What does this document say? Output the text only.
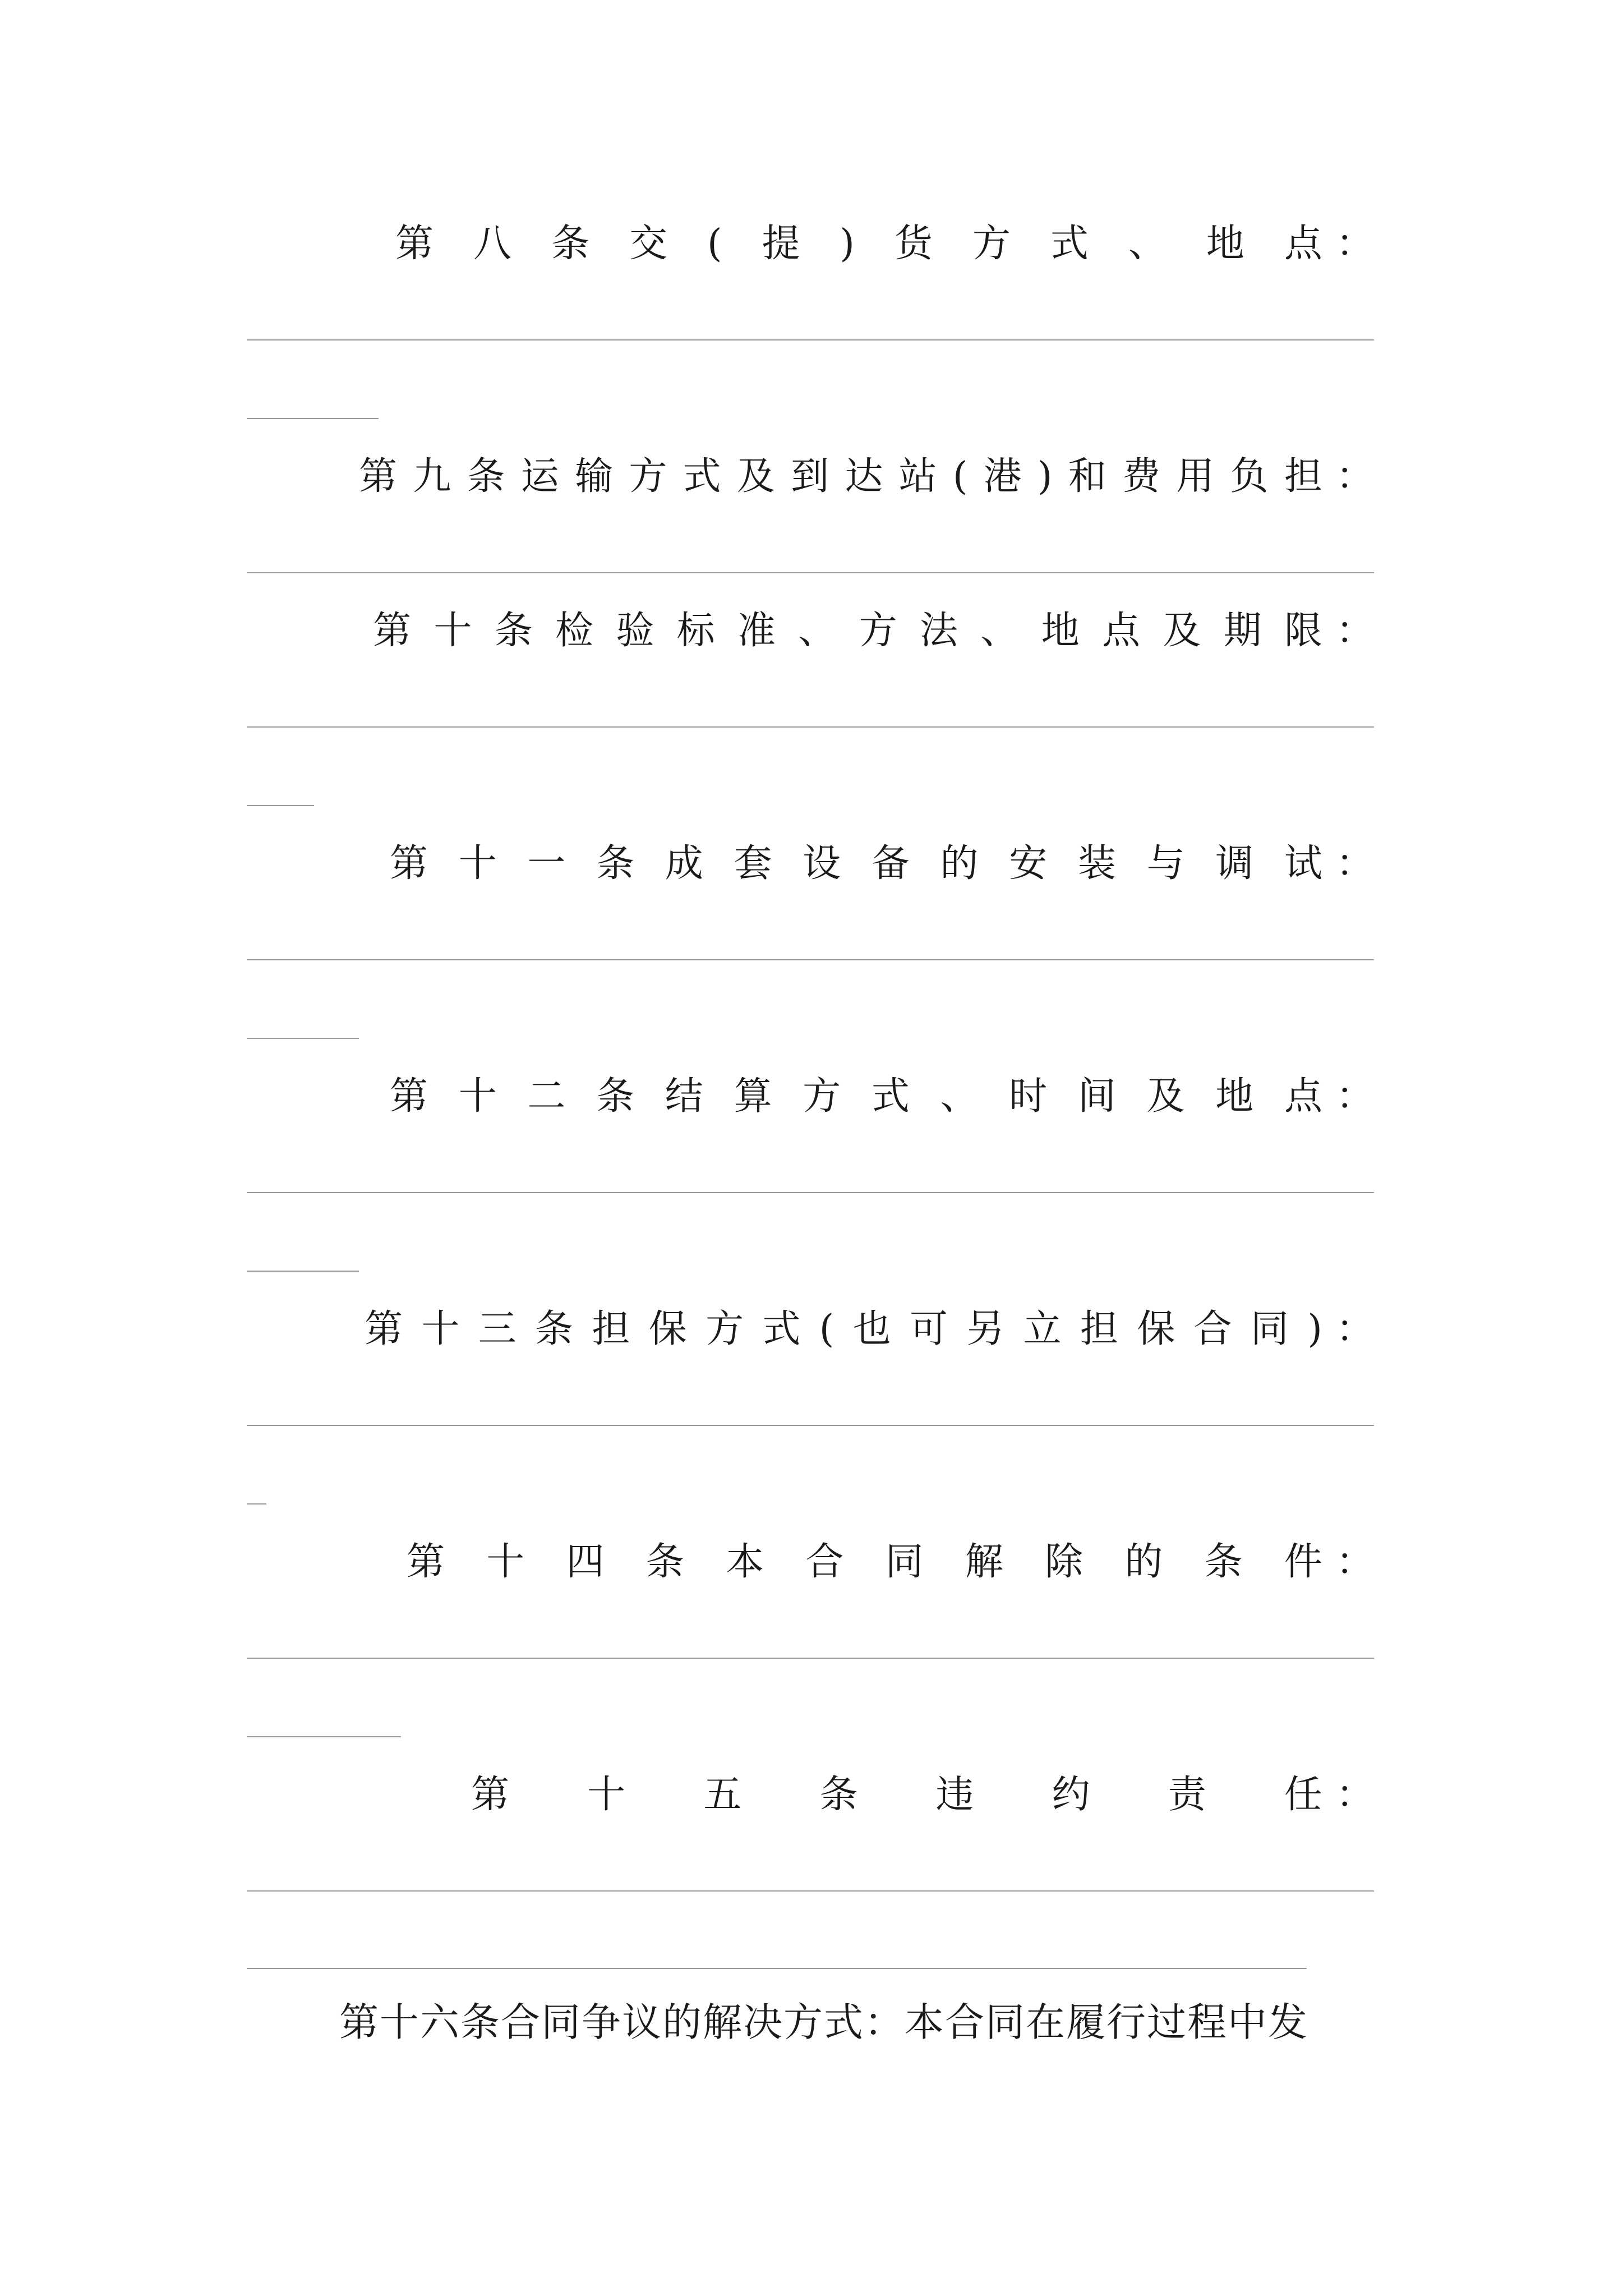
第 八 条 交 ( 提 ) 货 方 式 、 地 点 ：
第 九 条 运 输 方 式 及 到 达 站 ( 港 ) 和 费 用 负 担 ：
第 十 条 检 验 标 准 、 方 法 、 地 点 及 期 限 ：
第 十 一 条 成 套 设 备 的 安 装 与 调 试 ：
第 十 二 条 结 算 方 式 、 时 间 及 地 点 ：
第 十 三 条 担 保 方 式 ( 也 可 另 立 担 保 合 同 ) ：
第 十 四 条 本 合 同 解 除 的 条 件 ：
第 十 五 条 违 约 责 任 ：
第十六条合同争议的解决方式：本合同在履行过程中发
